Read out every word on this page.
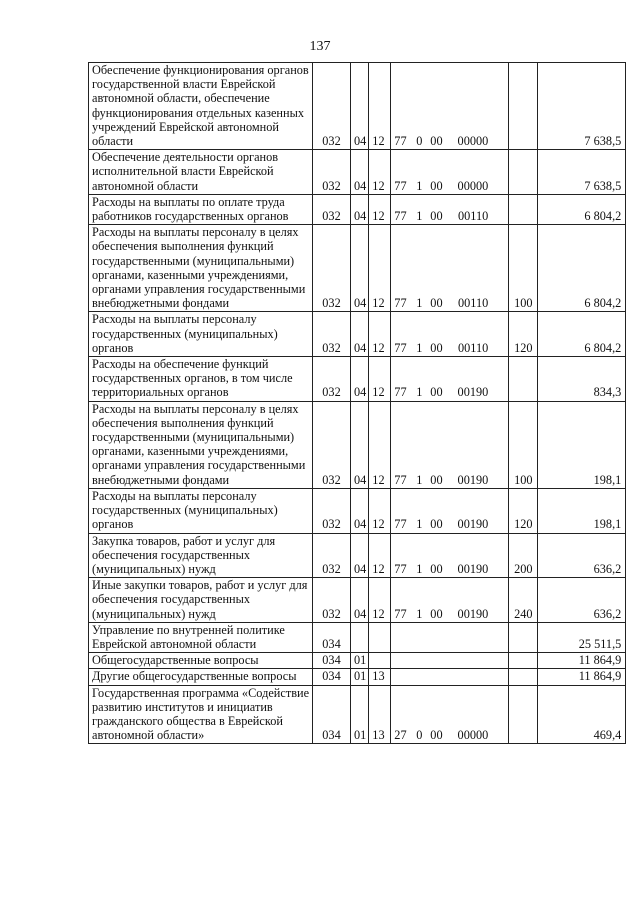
137
Обеспечение функционирования органов государственной власти Еврейской автономной области, обеспечение функционирования отдельных казенных учреждений Еврейской автономной области	032	04	12	77 0 00 00000		7 638,5
Обеспечение деятельности органов исполнительной власти Еврейской автономной области	032	04	12	77 1 00 00000		7 638,5
Расходы на выплаты по оплате труда работников государственных органов	032	04	12	77 1 00 00110		6 804,2
Расходы на выплаты персоналу в целях обеспечения выполнения функций государственными (муниципальными) органами, казенными учреждениями, органами управления государственными внебюджетными фондами	032	04	12	77 1 00 00110	100	6 804,2
Расходы на выплаты персоналу государственных (муниципальных) органов	032	04	12	77 1 00 00110	120	6 804,2
Расходы на обеспечение функций государственных органов, в том числе территориальных органов	032	04	12	77 1 00 00190		834,3
Расходы на выплаты персоналу в целях обеспечения выполнения функций государственными (муниципальными) органами, казенными учреждениями, органами управления государственными внебюджетными фондами	032	04	12	77 1 00 00190	100	198,1
Расходы на выплаты персоналу государственных (муниципальных) органов	032	04	12	77 1 00 00190	120	198,1
Закупка товаров, работ и услуг для обеспечения государственных (муниципальных) нужд	032	04	12	77 1 00 00190	200	636,2
Иные закупки товаров, работ и услуг для обеспечения государственных (муниципальных) нужд	032	04	12	77 1 00 00190	240	636,2
Управление по внутренней политике Еврейской автономной области	034					25 511,5
Общегосударственные вопросы	034	01				11 864,9
Другие общегосударственные вопросы	034	01	13			11 864,9
Государственная программа «Содействие развитию институтов и инициатив гражданского общества в Еврейской автономной области»	034	01	13	27 0 00 00000		469,4
